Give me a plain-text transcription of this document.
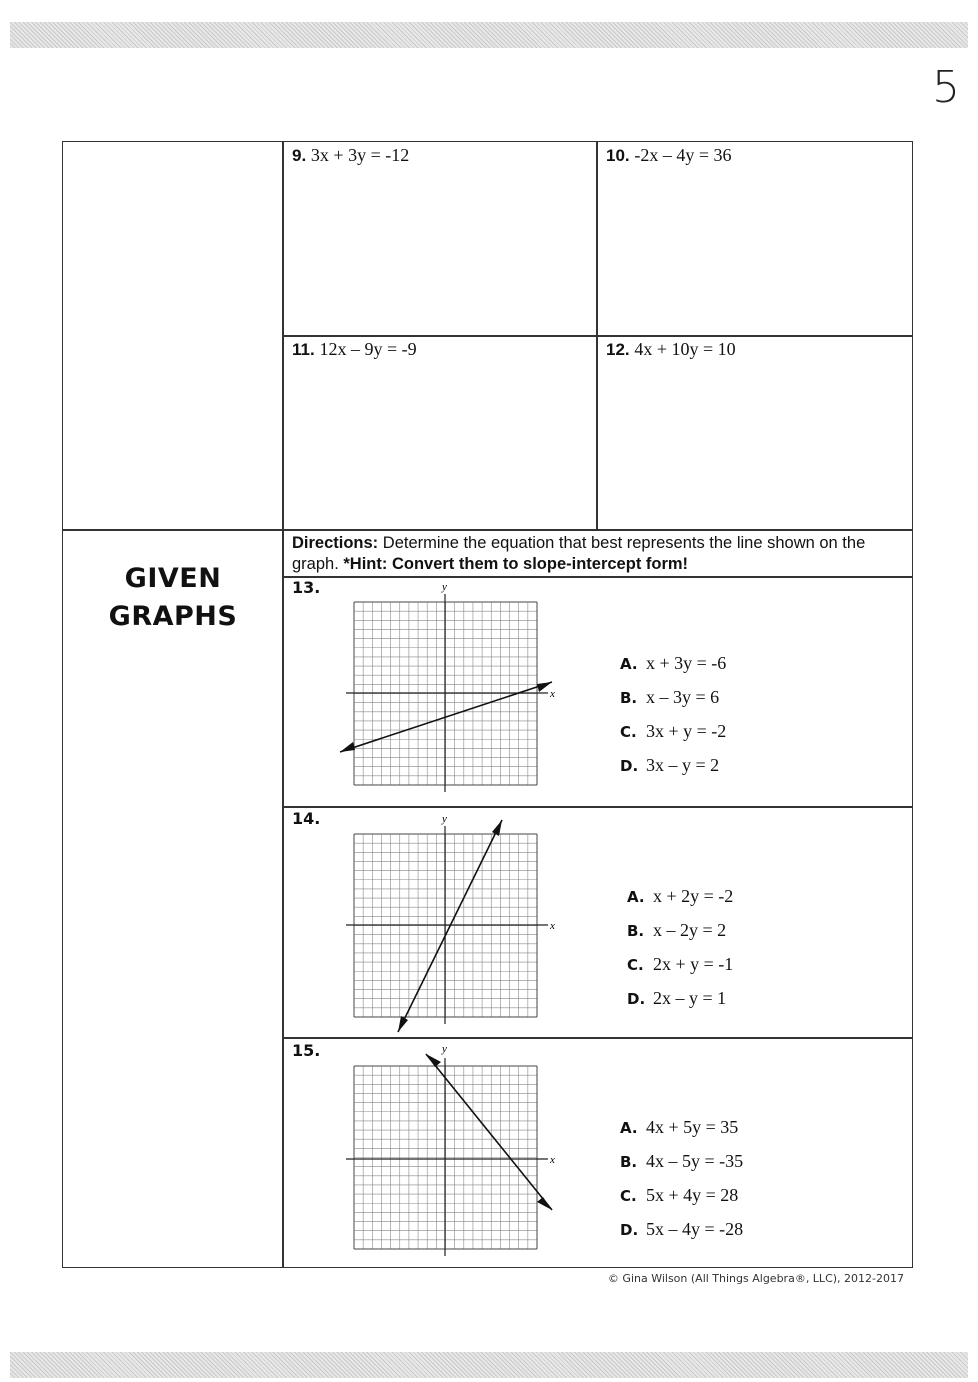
5
9. 3x + 3y = -12	10. -2x – 4y = 36
11. 12x – 9y = -9	12. 4x + 10y = 10
GIVEN
GRAPHS
Directions: Determine the equation that best represents the line shown on the graph. *Hint: Convert them to slope-intercept form!
13.
x
y
A. x + 3y = -6
B. x – 3y = 6
C. 3x + y = -2
D. 3x – y = 2
14.
x
y
A. x + 2y = -2
B. x – 2y = 2
C. 2x + y = -1
D. 2x – y = 1
15.
x
y
A. 4x + 5y = 35
B. 4x – 5y = -35
C. 5x + 4y = 28
D. 5x – 4y = -28
© Gina Wilson (All Things Algebra®, LLC), 2012-2017
